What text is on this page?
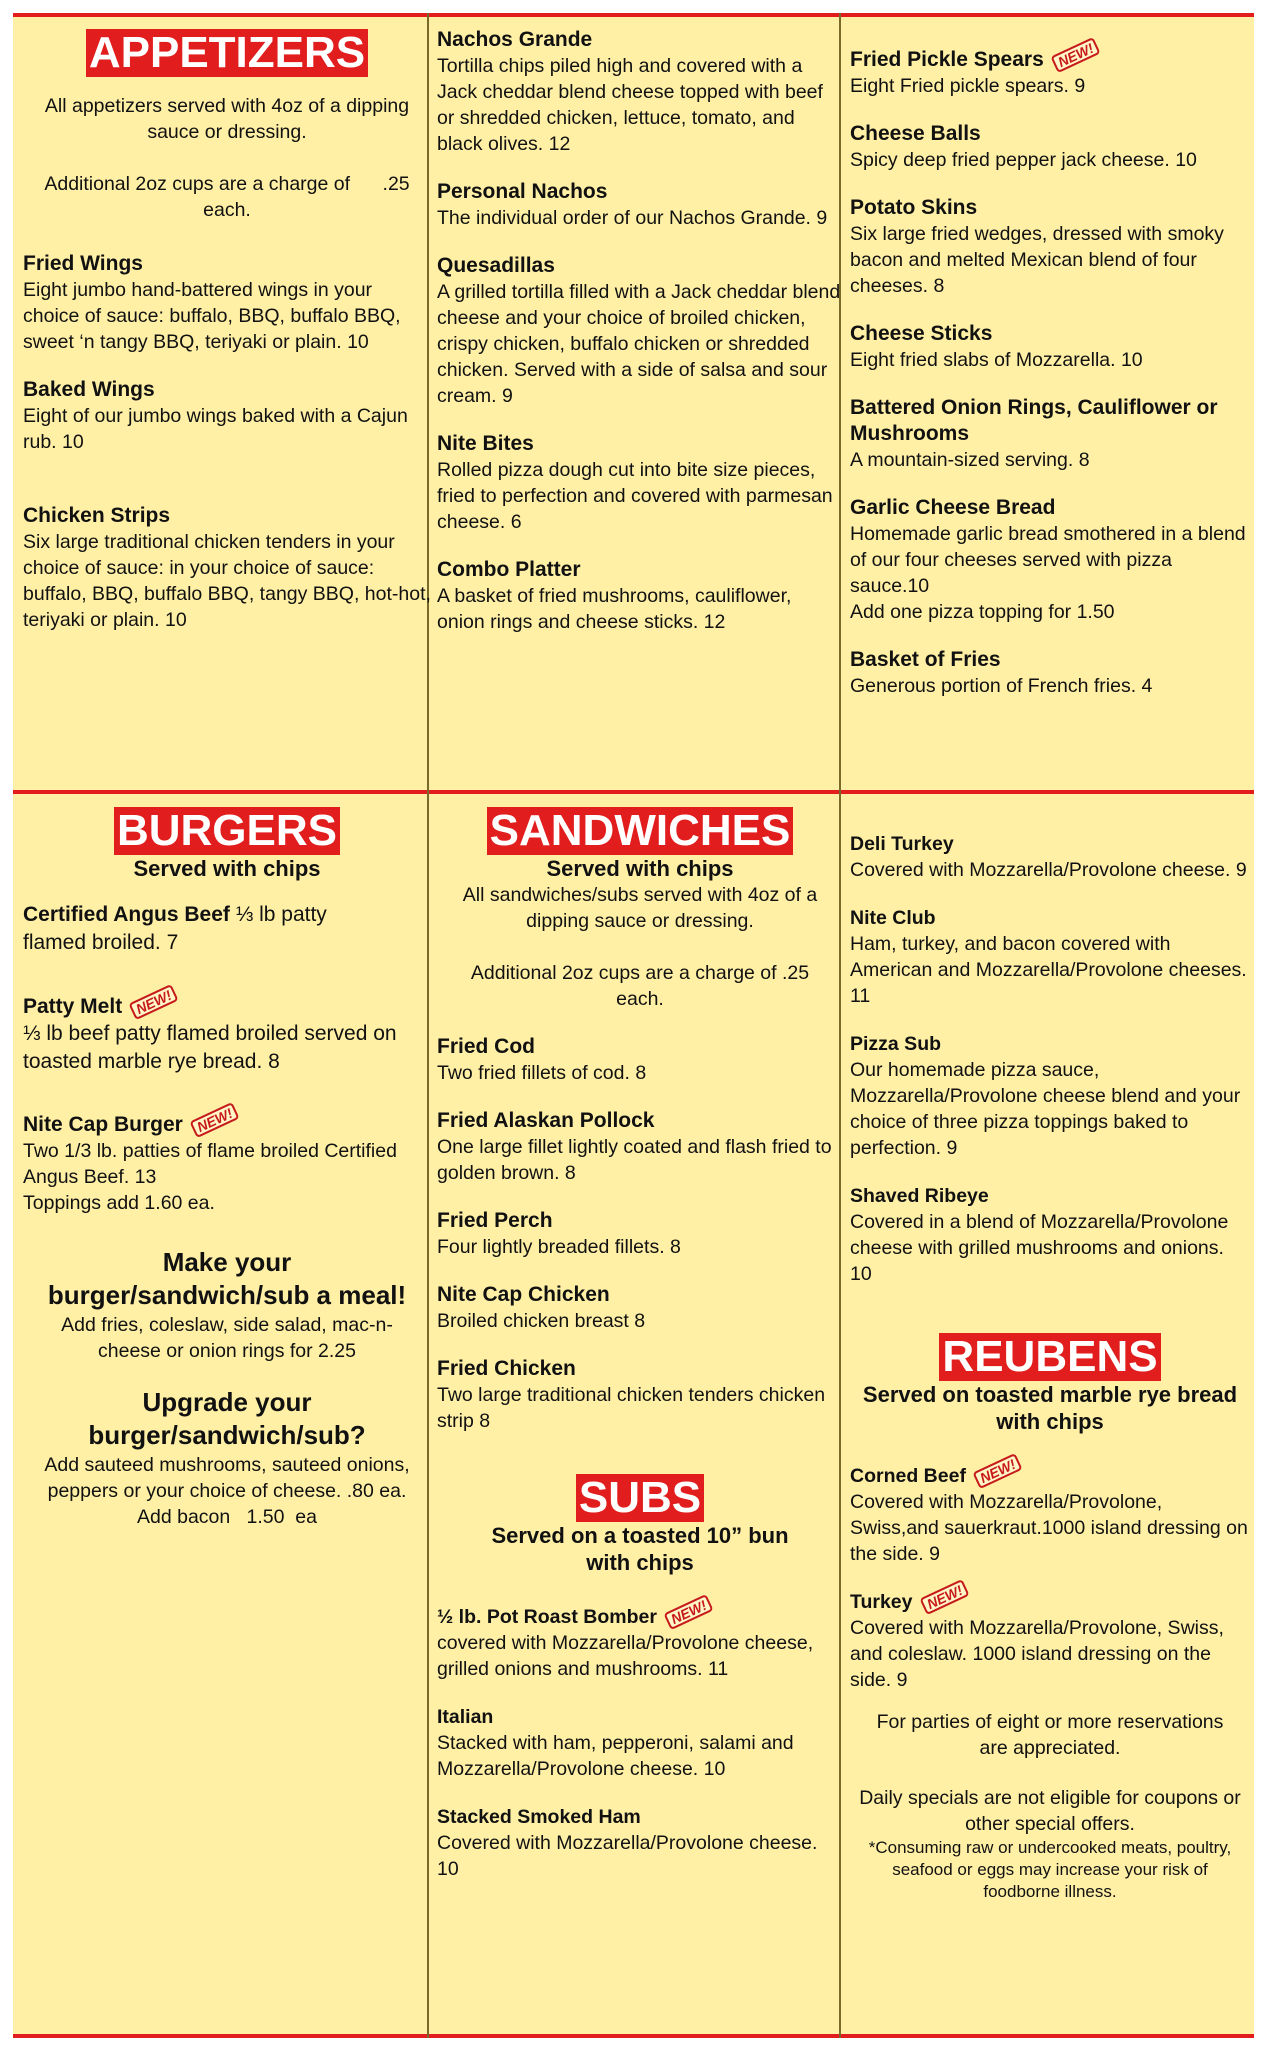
APPETIZERS
All appetizers served with 4oz of a dipping sauce or dressing.
Additional 2oz cups are a charge of      .25 each.
Fried Wings
Eight jumbo hand-battered wings in your choice of sauce: buffalo, BBQ, buffalo BBQ, sweet ‘n tangy BBQ, teriyaki or plain. 10
Baked Wings
Eight of our jumbo wings baked with a Cajun rub. 10
Chicken Strips
Six large traditional chicken tenders in your choice of sauce: in your choice of sauce: buffalo, BBQ, buffalo BBQ, tangy BBQ, hot-hot, teriyaki or plain. 10
Nachos Grande
Tortilla chips piled high and covered with a Jack cheddar blend cheese topped with beef or shredded chicken, lettuce, tomato, and black olives. 12
Personal Nachos
The individual order of our Nachos Grande. 9
Quesadillas
A grilled tortilla filled with a Jack cheddar blend cheese and your choice of broiled chicken, crispy chicken, buffalo chicken or shredded chicken. Served with a side of salsa and sour cream. 9
Nite Bites
Rolled pizza dough cut into bite size pieces, fried to perfection and covered with parmesan cheese. 6
Combo Platter
A basket of fried mushrooms, cauliflower, onion rings and cheese sticks. 12
Fried Pickle Spears NEW!
Eight Fried pickle spears. 9
Cheese Balls
Spicy deep fried pepper jack cheese. 10
Potato Skins
Six large fried wedges, dressed with smoky bacon and melted Mexican blend of four cheeses. 8
Cheese Sticks
Eight fried slabs of Mozzarella. 10
Battered Onion Rings, Cauliflower or Mushrooms
A mountain-sized serving. 8
Garlic Cheese Bread
Homemade garlic bread smothered in a blend of our four cheeses served with pizza sauce.10
Add one pizza topping for 1.50
Basket of Fries
Generous portion of French fries. 4
BURGERS
Served with chips
Certified Angus Beef ⅓ lb patty
flamed broiled. 7
Patty Melt NEW!
⅓ lb beef patty flamed broiled served on toasted marble rye bread. 8
Nite Cap Burger NEW!
Two 1/3 lb. patties of flame broiled Certified Angus Beef. 13
Toppings add 1.60 ea.
Make your burger/sandwich/sub a meal!
Add fries, coleslaw, side salad, mac-n-cheese or onion rings for 2.25
Upgrade your burger/sandwich/sub?
Add sauteed mushrooms, sauteed onions, peppers or your choice of cheese. .80 ea.
Add bacon   1.50  ea
SANDWICHES
Served with chips
All sandwiches/subs served with 4oz of a dipping sauce or dressing.
Additional 2oz cups are a charge of .25 each.
Fried Cod
Two fried fillets of cod. 8
Fried Alaskan Pollock
One large fillet lightly coated and flash fried to golden brown. 8
Fried Perch
Four lightly breaded fillets. 8
Nite Cap Chicken
Broiled chicken breast 8
Fried Chicken
Two large traditional chicken tenders chicken strip 8
SUBS
Served on a toasted 10” bun with chips
½ lb. Pot Roast Bomber NEW!
covered with Mozzarella/Provolone cheese, grilled onions and mushrooms. 11
Italian
Stacked with ham, pepperoni, salami and Mozzarella/Provolone cheese. 10
Stacked Smoked Ham
Covered with Mozzarella/Provolone cheese. 10
Deli Turkey
Covered with Mozzarella/Provolone cheese. 9
Nite Club
Ham, turkey, and bacon covered with American and Mozzarella/Provolone cheeses. 11
Pizza Sub
Our homemade pizza sauce, Mozzarella/Provolone cheese blend and your choice of three pizza toppings baked to perfection. 9
Shaved Ribeye
Covered in a blend of Mozzarella/Provolone cheese with grilled mushrooms and onions. 10
REUBENS
Served on toasted marble rye bread with chips
Corned Beef NEW!
Covered with Mozzarella/Provolone, Swiss,and sauerkraut.1000 island dressing on the side. 9
Turkey NEW!
Covered with Mozzarella/Provolone, Swiss, and coleslaw. 1000 island dressing on the side. 9
For parties of eight or more reservations are appreciated.
Daily specials are not eligible for coupons or other special offers.
*Consuming raw or undercooked meats, poultry, seafood or eggs may increase your risk of foodborne illness.
